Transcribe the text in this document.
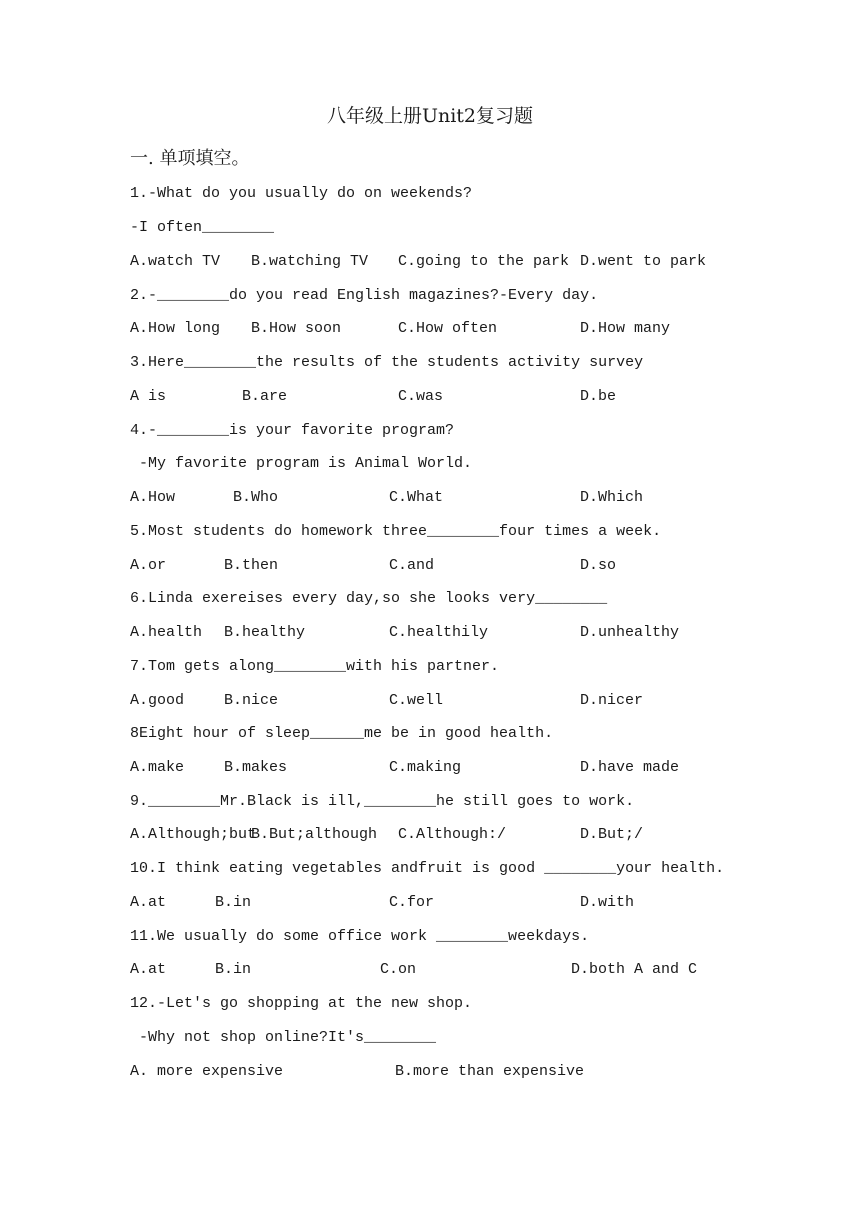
八年级上册Unit2复习题
一. 单项填空。
1.-What do you usually do on weekends?
-I often________
A.watch TV B.watching TV C.going to the park D.went to park
2.-________do you read English magazines?-Every day.
A.How long B.How soon	C.How often	D.How many
3.Here________the results of the students activity survey
A is	B.are	C.was	D.be
4.-________is your favorite program?
-My favorite program is Animal World.
A.How	B.Who	C.What	D.Which
5.Most students do homework three________four times a week.
A.or	B.then	C.and	D.so
6.Linda exereises every day,so she looks very________
A.health B.healthy	C.healthily	D.unhealthy
7.Tom gets along________with his partner.
A.good	B.nice	C.well	D.nicer
8Eight hour of sleep______me be in good health.
A.make	B.makes	C.making	D.have made
9.________Mr.Black is ill,________he still goes to work.
A.Although;but
B.But;although C.Although:/	D.But;/
10.I think eating vegetables andfruit is good ________your health.
A.at	B.in	C.for	D.with
11.We usually do some office work ________weekdays.
A.at	B.in	C.on	D.both A and C
12.-Let's go shopping at the new shop.
-Why not shop online?It's________
A. more expensive	B.more than expensive
